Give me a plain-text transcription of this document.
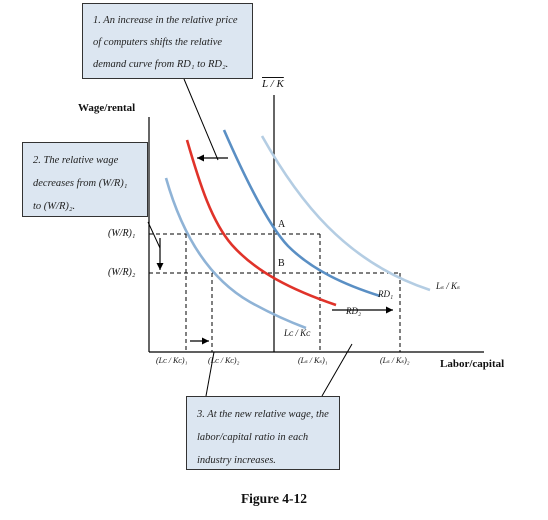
1. An increase in the relative price of computers shifts the relative demand curve from RD₁ to RD₂.

2. The relative wage decreases from (W/R)₁ to (W/R)₂.

3. At the new relative wage, the labor/capital ratio in each industry increases.

Wage/rental
Labor/capital
L / K
(W/R)₁
(W/R)₂
A
B
RD₁
RD₂
Lₛ / Kₛ
Lᴄ / Kᴄ
(Lᴄ / Kᴄ)₁	(Lᴄ / Kᴄ)₂	(Lₛ / Kₛ)₁	(Lₛ / Kₛ)₂
Figure 4-12
